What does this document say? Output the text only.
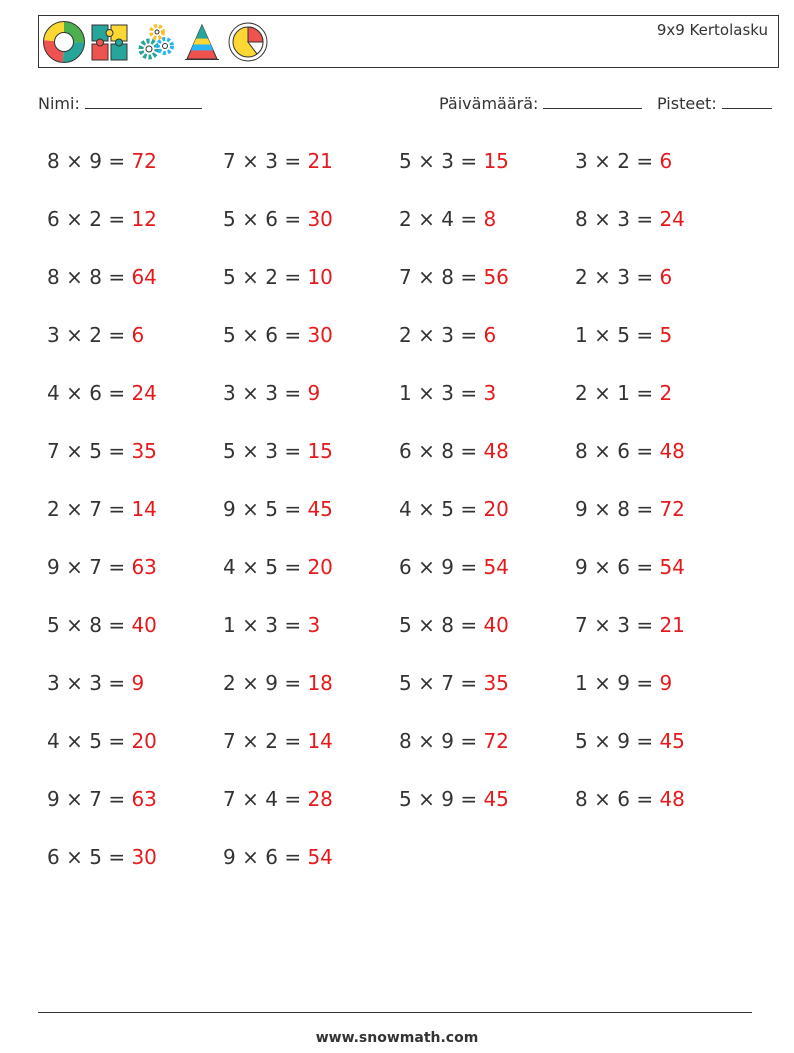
9x9 Kertolasku
Nimi:	Päivämäärä:	Pisteet:
8 × 9 = 72	7 × 3 = 21	5 × 3 = 15	3 × 2 = 6
6 × 2 = 12	5 × 6 = 30	2 × 4 = 8	8 × 3 = 24
8 × 8 = 64	5 × 2 = 10	7 × 8 = 56	2 × 3 = 6
3 × 2 = 6	5 × 6 = 30	2 × 3 = 6	1 × 5 = 5
4 × 6 = 24	3 × 3 = 9	1 × 3 = 3	2 × 1 = 2
7 × 5 = 35	5 × 3 = 15	6 × 8 = 48	8 × 6 = 48
2 × 7 = 14	9 × 5 = 45	4 × 5 = 20	9 × 8 = 72
9 × 7 = 63	4 × 5 = 20	6 × 9 = 54	9 × 6 = 54
5 × 8 = 40	1 × 3 = 3	5 × 8 = 40	7 × 3 = 21
3 × 3 = 9	2 × 9 = 18	5 × 7 = 35	1 × 9 = 9
4 × 5 = 20	7 × 2 = 14	8 × 9 = 72	5 × 9 = 45
9 × 7 = 63	7 × 4 = 28	5 × 9 = 45	8 × 6 = 48
6 × 5 = 30	9 × 6 = 54
www.snowmath.com
